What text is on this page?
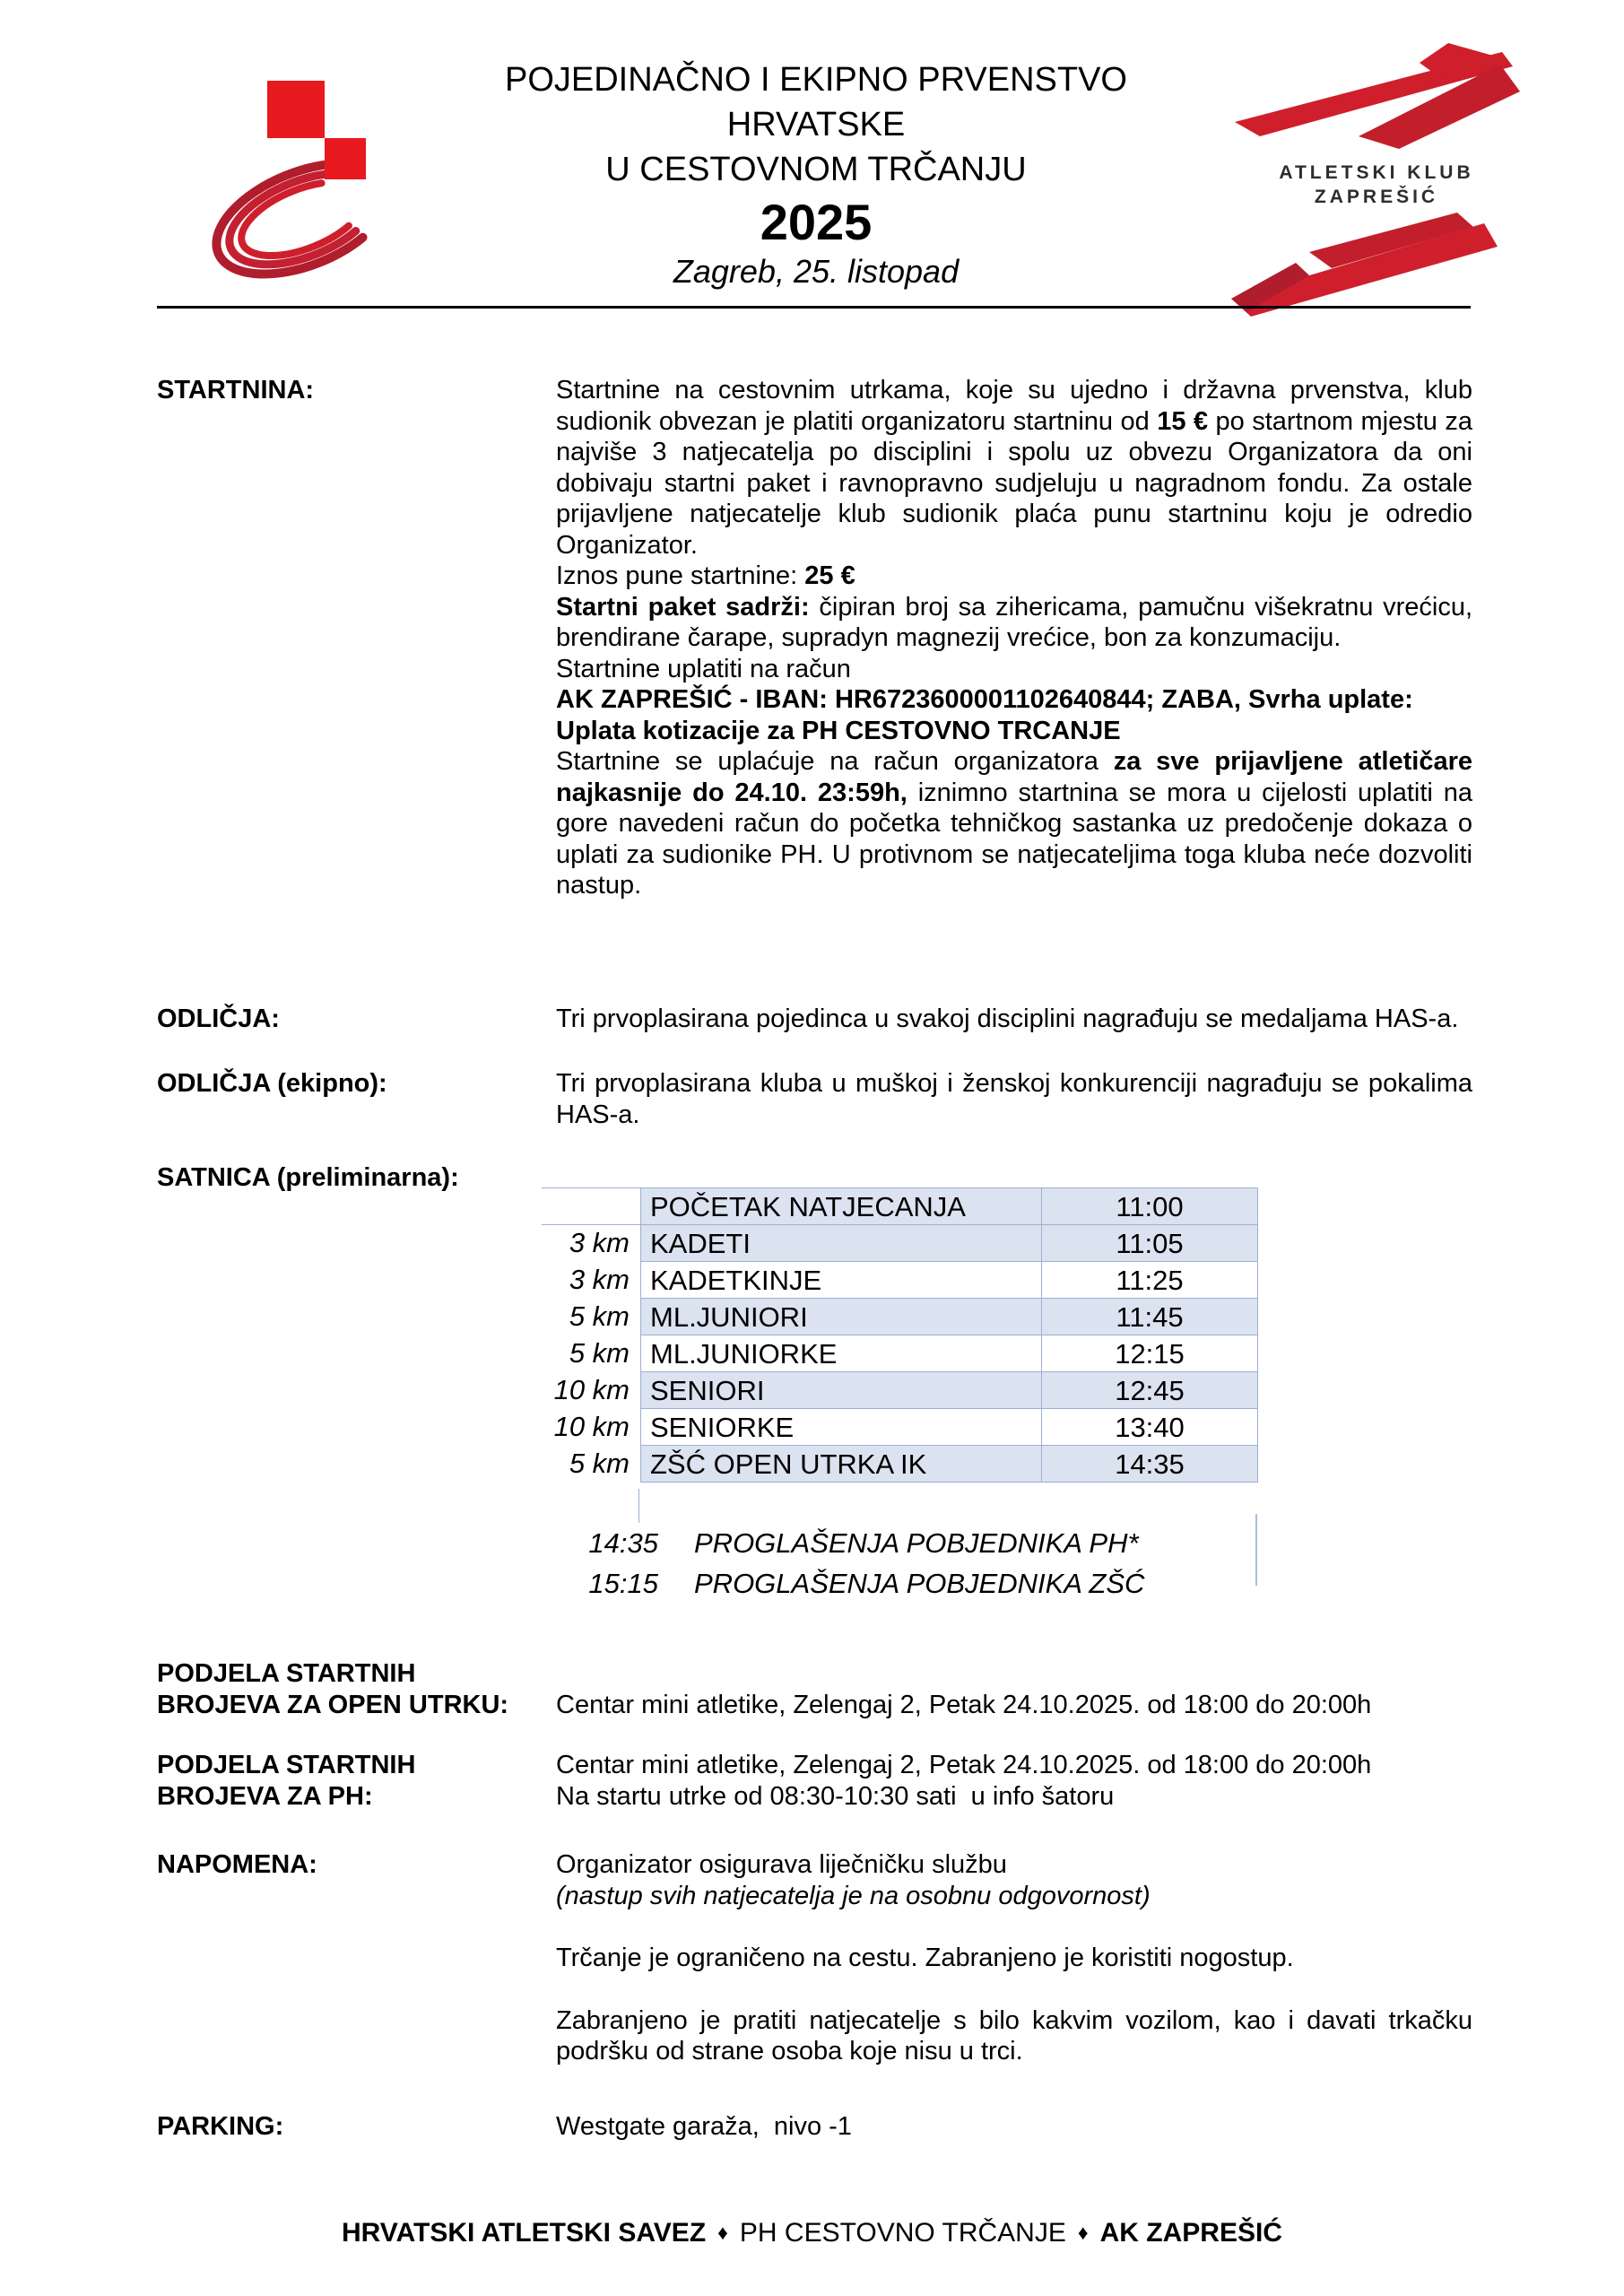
POJEDINAČNO I EKIPNO PRVENSTVO
HRVATSKE
U CESTOVNOM TRČANJU
2025
Zagreb, 25. listopad
ATLETSKI KLUB
ZAPREŠIĆ
STARTNINA:	Startnine na cestovnim utrkama, koje su ujedno i državna prvenstva, klub sudionik obvezan je platiti organizatoru startninu od 15 € po startnom mjestu za najviše 3 natjecatelja po disciplini i spolu uz obvezu Organizatora da oni dobivaju startni paket i ravnopravno sudjeluju u nagradnom fondu. Za ostale prijavljene natjecatelje klub sudionik plaća punu startninu koju je odredio Organizator.

Iznos pune startnine: 25 €

Startni paket sadrži: čipiran broj sa zihericama, pamučnu višekratnu vrećicu, brendirane čarape, supradyn magnezij vrećice, bon za konzumaciju.

Startnine uplatiti na račun

AK ZAPREŠIĆ - IBAN: HR6723600001102640844; ZABA, Svrha uplate:

Uplata kotizacije za PH CESTOVNO TRCANJE

Startnine se uplaćuje na račun organizatora za sve prijavljene atletičare najkasnije do 24.10. 23:59h, iznimno startnina se mora u cijelosti uplatiti na gore navedeni račun do početka tehničkog sastanka uz predočenje dokaza o uplati za sudionike PH. U protivnom se natjecateljima toga kluba neće dozvoliti nastup.

ODLIČJA:	Tri prvoplasirana pojedinca u svakoj disciplini nagrađuju se medaljama HAS-a.
ODLIČJA (ekipno):	Tri prvoplasirana kluba u muškoj i ženskoj konkurenciji nagrađuju se pokalima HAS-a.
SATNICA (preliminarna):
POČETAK NATJECANJA	11:00
3 km KADETI	11:05
3 km KADETKINJE	11:25
5 km ML.JUNIORI	11:45
5 km ML.JUNIORKE	12:15
10 km SENIORI	12:45
10 km SENIORKE	13:40
5 km ZŠĆ OPEN UTRKA IK	14:35
14:35 PROGLAŠENJA POBJEDNIKA PH*
15:15 PROGLAŠENJA POBJEDNIKA ZŠĆ
PODJELA STARTNIH
BROJEVA ZA OPEN UTRKU:
	Centar mini atletike, Zelengaj 2, Petak 24.10.2025. od 18:00 do 20:00h
PODJELA STARTNIH
BROJEVA ZA PH:
Centar mini atletike, Zelengaj 2, Petak 24.10.2025. od 18:00 do 20:00h
Na startu utrke od 08:30-10:30 sati  u info šatoru
NAPOMENA:	Organizator osigurava liječničku službu
(nastup svih natjecatelja je na osobnu odgovornost)
Trčanje je ograničeno na cestu. Zabranjeno je koristiti nogostup.
Zabranjeno je pratiti natjecatelje s bilo kakvim vozilom, kao i davati trkačku podršku od strane osoba koje nisu u trci.
PARKING:	Westgate garaža,  nivo -1
HRVATSKI ATLETSKI SAVEZ ♦ PH CESTOVNO TRČANJE ♦ AK ZAPREŠIĆ
